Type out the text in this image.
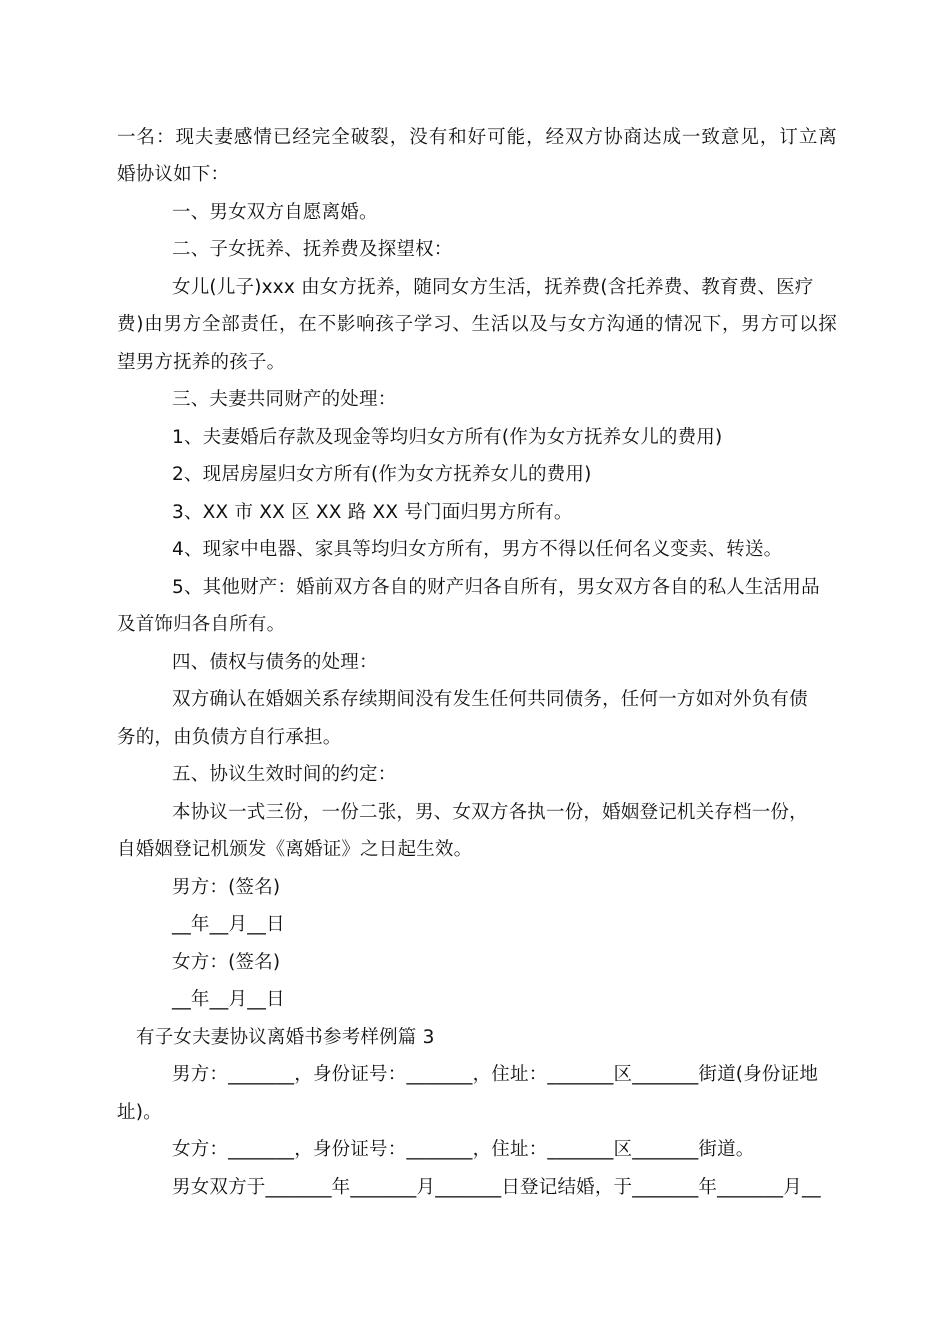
一名：现夫妻感情已经完全破裂，没有和好可能，经双方协商达成一致意见，订立离
婚协议如下：
一、男女双方自愿离婚。
二、子女抚养、抚养费及探望权：
女儿(儿子)xxx 由女方抚养，随同女方生活，抚养费(含托养费、教育费、医疗
费)由男方全部责任，在不影响孩子学习、生活以及与女方沟通的情况下，男方可以探
望男方抚养的孩子。
三、夫妻共同财产的处理：
1、夫妻婚后存款及现金等均归女方所有(作为女方抚养女儿的费用)
2、现居房屋归女方所有(作为女方抚养女儿的费用)
3、XX 市 XX 区 XX 路 XX 号门面归男方所有。
4、现家中电器、家具等均归女方所有，男方不得以任何名义变卖、转送。
5、其他财产：婚前双方各自的财产归各自所有，男女双方各自的私人生活用品
及首饰归各自所有。
四、债权与债务的处理：
双方确认在婚姻关系存续期间没有发生任何共同债务，任何一方如对外负有债
务的，由负债方自行承担。
五、协议生效时间的约定：
本协议一式三份，一份二张，男、女双方各执一份，婚姻登记机关存档一份，
自婚姻登记机颁发《离婚证》之日起生效。
男方：(签名)
__年__月__日
女方：(签名)
__年__月__日
有子女夫妻协议离婚书参考样例篇 3
男方：_______，身份证号：_______，住址：_______区_______街道(身份证地
址)。
女方：_______，身份证号：_______，住址：_______区_______街道。
男女双方于_______年_______月_______日登记结婚，于_______年_______月__
